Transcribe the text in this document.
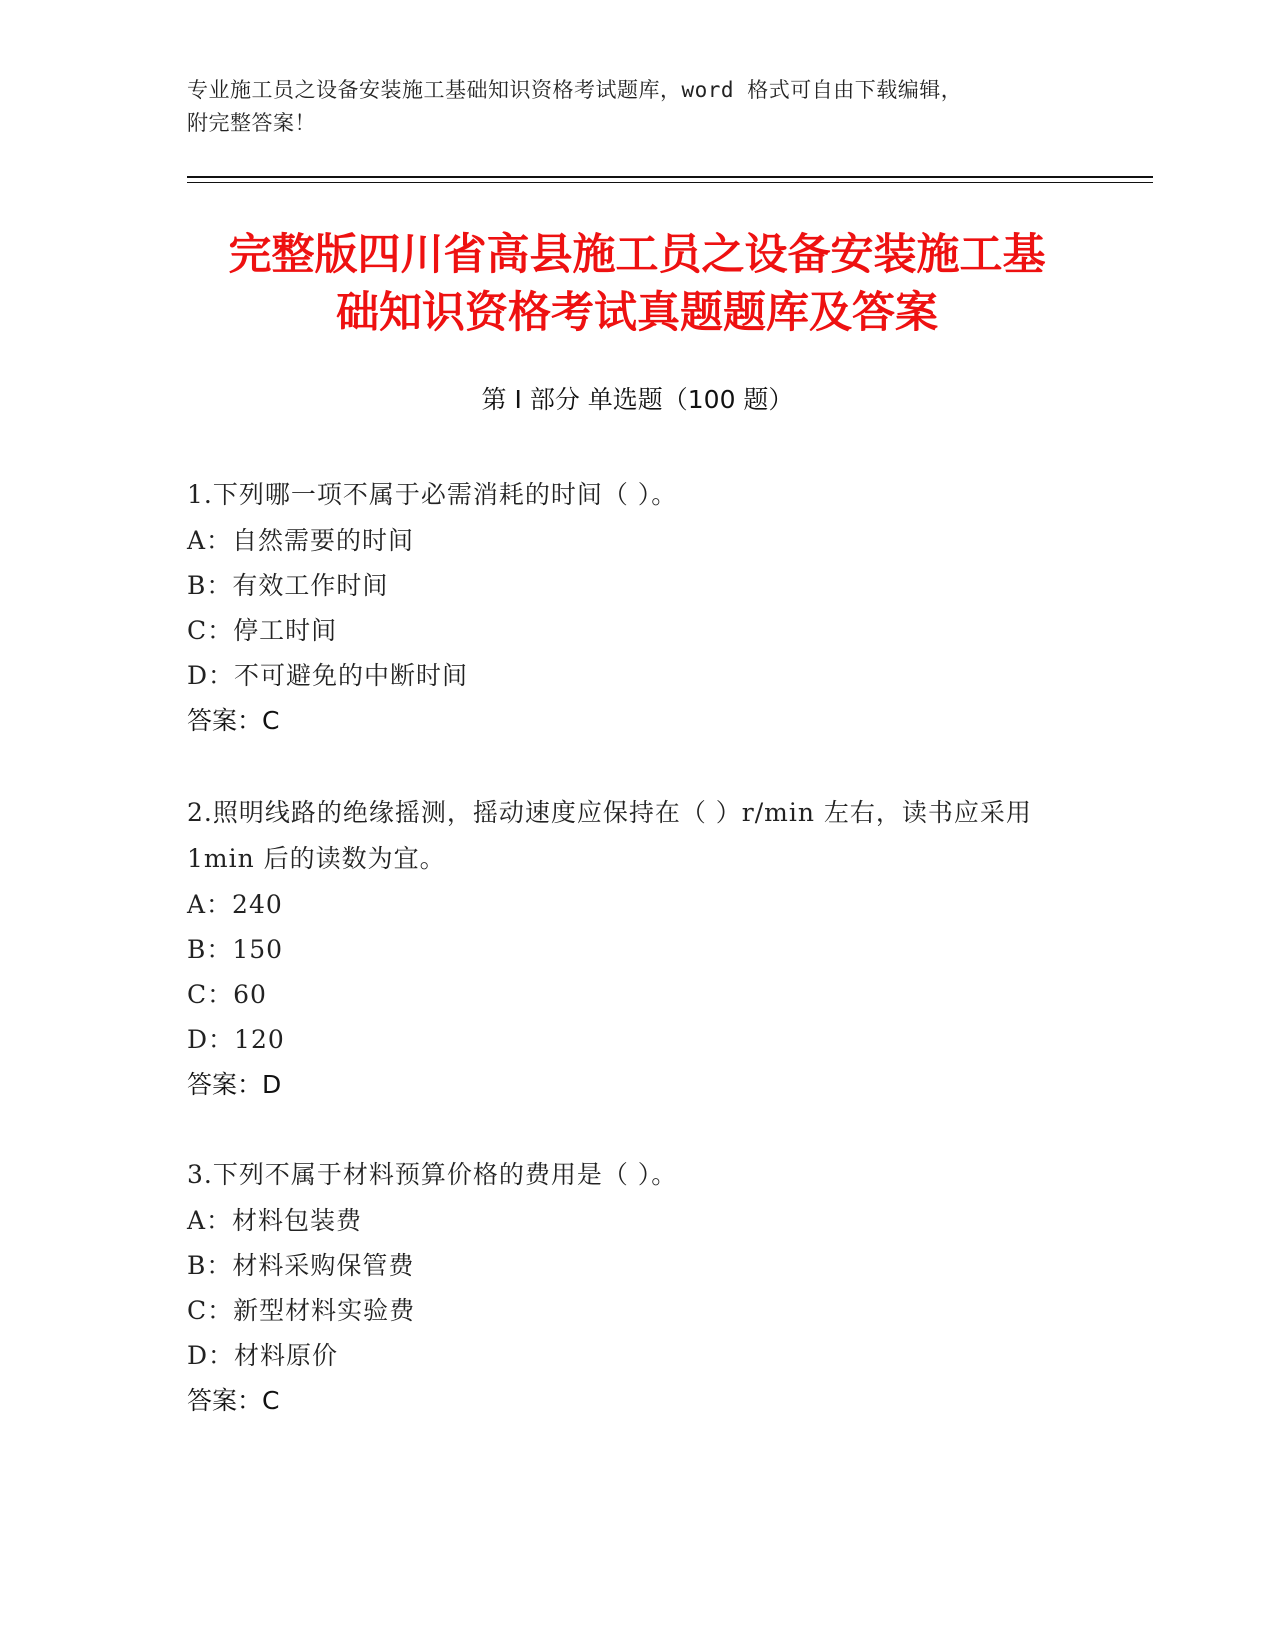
专业施工员之设备安装施工基础知识资格考试题库，word 格式可自由下载编辑，
附完整答案！
完整版四川省高县施工员之设备安装施工基
础知识资格考试真题题库及答案
第 I 部分 单选题（100 题）

1.下列哪一项不属于必需消耗的时间（ ）。

A：自然需要的时间

B：有效工作时间

C：停工时间

D：不可避免的中断时间

答案：C

2.照明线路的绝缘摇测，摇动速度应保持在（ ）r/min 左右，读书应采用 1min 后的读数为宜。

A：240

B：150

C：60

D：120

答案：D

3.下列不属于材料预算价格的费用是（ ）。

A：材料包装费

B：材料采购保管费

C：新型材料实验费

D：材料原价

答案：C
